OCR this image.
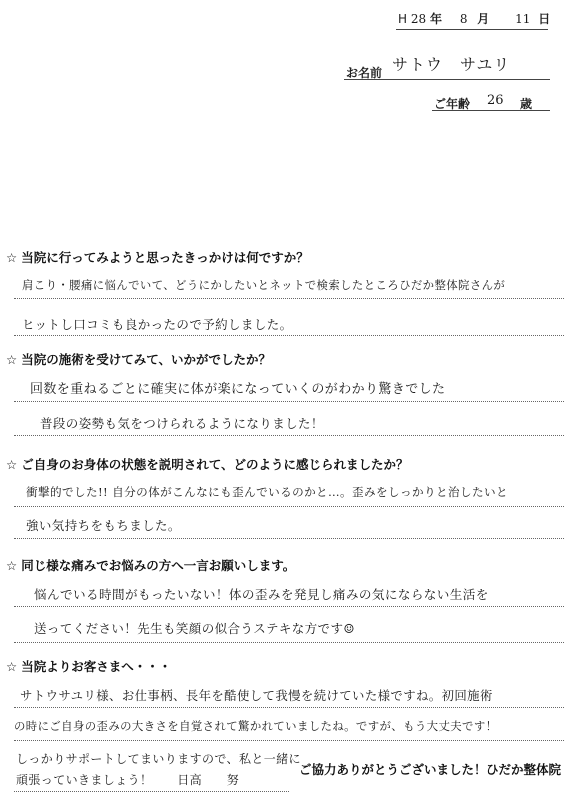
H 28 年 8 月 11 日
お名前 サトウ　サユリ
ご年齢 26 歳
☆ 当院に行ってみようと思ったきっかけは何ですか？
肩こり・腰痛に悩んでいて、どうにかしたいとネットで検索したところひだか整体院さんが
ヒットし口コミも良かったので予約しました。
☆ 当院の施術を受けてみて、いかがでしたか？
回数を重ねるごとに確実に体が楽になっていくのがわかり驚きでした
普段の姿勢も気をつけられるようになりました！
☆ ご自身のお身体の状態を説明されて、どのように感じられましたか？
衝撃的でした!! 自分の体がこんなにも歪んでいるのかと…。歪みをしっかりと治したいと
強い気持ちをもちました。
☆ 同じ様な痛みでお悩みの方へ一言お願いします。
悩んでいる時間がもったいない！体の歪みを発見し痛みの気にならない生活を
送ってください！先生も笑顔の似合うステキな方です☺
☆ 当院よりお客さまへ・・・
サトウサユリ様、お仕事柄、長年を酷使して我慢を続けていた様ですね。初回施術
の時にご自身の歪みの大きさを自覚されて驚かれていましたね。ですが、もう大丈夫です！
しっかりサポートしてまいりますので、私と一緒に
頑張っていきましょう！　　日高　　努
ご協力ありがとうございました！ ひだか整体院
